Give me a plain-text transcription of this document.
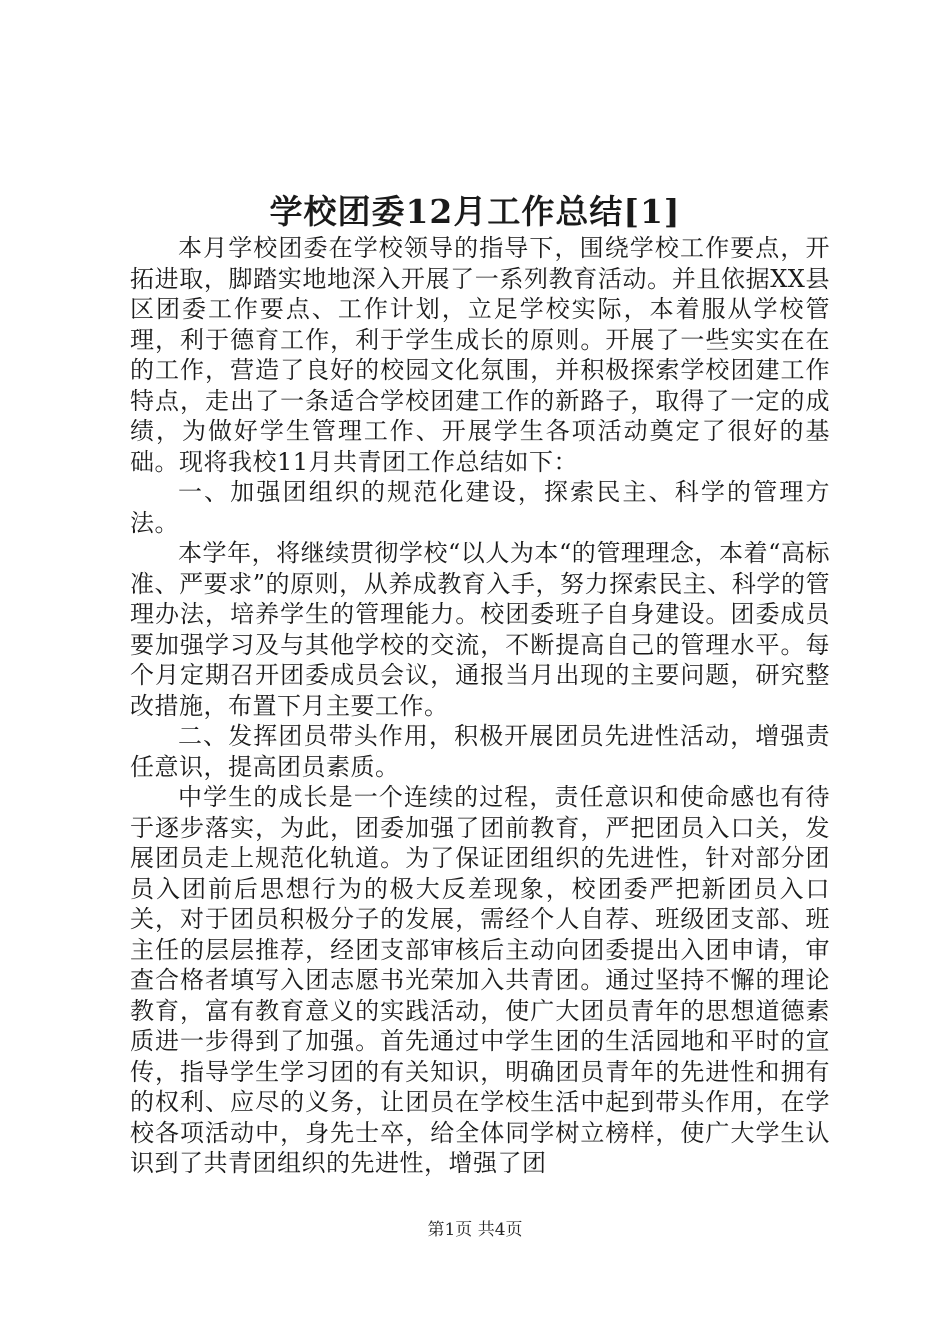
学校团委12月工作总结[1]

本月学校团委在学校领导的指导下，围绕学校工作要点，开拓进取，脚踏实地地深入开展了一系列教育活动。并且依据XX县区团委工作要点、工作计划，立足学校实际，本着服从学校管理，利于德育工作，利于学生成长的原则。开展了一些实实在在的工作，营造了良好的校园文化氛围，并积极探索学校团建工作特点，走出了一条适合学校团建工作的新路子，取得了一定的成绩，为做好学生管理工作、开展学生各项活动奠定了很好的基础。现将我校11月共青团工作总结如下：

一、加强团组织的规范化建设，探索民主、科学的管理方法。

本学年，将继续贯彻学校“以人为本“的管理理念，本着“高标准、严要求”的原则，从养成教育入手，努力探索民主、科学的管理办法，培养学生的管理能力。校团委班子自身建设。团委成员要加强学习及与其他学校的交流，不断提高自己的管理水平。每个月定期召开团委成员会议，通报当月出现的主要问题，研究整改措施，布置下月主要工作。

二、发挥团员带头作用，积极开展团员先进性活动，增强责任意识，提高团员素质。

中学生的成长是一个连续的过程，责任意识和使命感也有待于逐步落实，为此，团委加强了团前教育，严把团员入口关，发展团员走上规范化轨道。为了保证团组织的先进性，针对部分团员入团前后思想行为的极大反差现象，校团委严把新团员入口关，对于团员积极分子的发展，需经个人自荐、班级团支部、班主任的层层推荐，经团支部审核后主动向团委提出入团申请，审查合格者填写入团志愿书光荣加入共青团。通过坚持不懈的理论教育，富有教育意义的实践活动，使广大团员青年的思想道德素质进一步得到了加强。首先通过中学生团的生活园地和平时的宣传，指导学生学习团的有关知识，明确团员青年的先进性和拥有的权利、应尽的义务，让团员在学校生活中起到带头作用，在学校各项活动中，身先士卒，给全体同学树立榜样，使广大学生认识到了共青团组织的先进性，增强了团

第1页 共4页
